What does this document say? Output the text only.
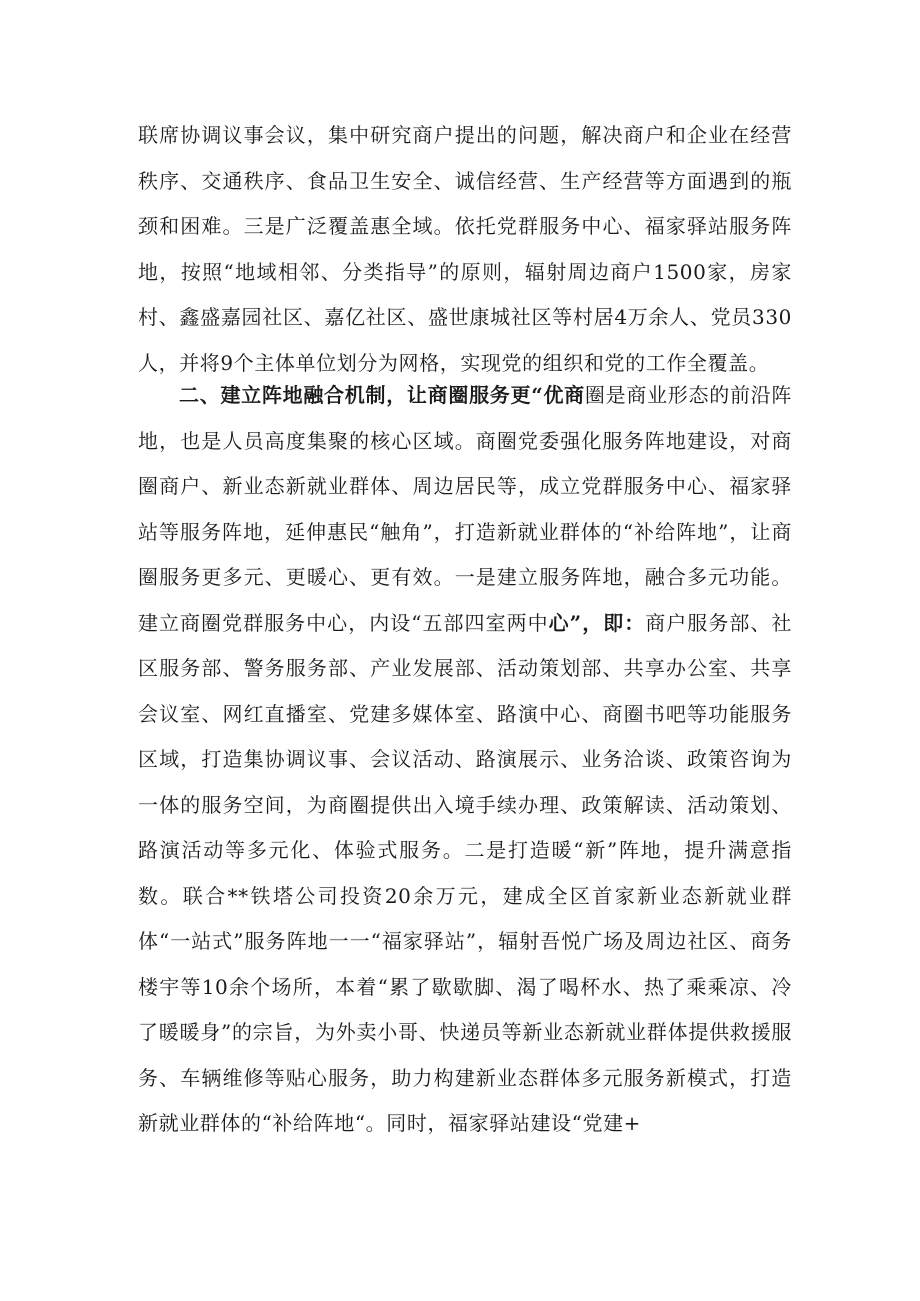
联席协调议事会议，集中研究商户提出的问题，解决商户和企业在经营秩序、交通秩序、食品卫生安全、诚信经营、生产经营等方面遇到的瓶颈和困难。三是广泛覆盖惠全域。依托党群服务中心、福家驿站服务阵地，按照“地域相邻、分类指导”的原则，辐射周边商户1500家，房家村、鑫盛嘉园社区、嘉亿社区、盛世康城社区等村居4万余人、党员330人，并将9个主体单位划分为网格，实现党的组织和党的工作全覆盖。

二、建立阵地融合机制，让商圈服务更“优商圈是商业形态的前沿阵地，也是人员高度集聚的核心区域。商圈党委强化服务阵地建设，对商圈商户、新业态新就业群体、周边居民等，成立党群服务中心、福家驿站等服务阵地，延伸惠民“触角”，打造新就业群体的“补给阵地”，让商圈服务更多元、更暖心、更有效。一是建立服务阵地，融合多元功能。建立商圈党群服务中心，内设“五部四室两中心”，即：商户服务部、社区服务部、警务服务部、产业发展部、活动策划部、共享办公室、共享会议室、网红直播室、党建多媒体室、路演中心、商圈书吧等功能服务区域，打造集协调议事、会议活动、路演展示、业务洽谈、政策咨询为一体的服务空间，为商圈提供出入境手续办理、政策解读、活动策划、路演活动等多元化、体验式服务。二是打造暖“新”阵地，提升满意指数。联合**铁塔公司投资20余万元，建成全区首家新业态新就业群体“一站式”服务阵地一一“福家驿站”，辐射吾悦广场及周边社区、商务楼宇等10余个场所，本着“累了歇歇脚、渴了喝杯水、热了乘乘凉、冷了暖暖身”的宗旨，为外卖小哥、快递员等新业态新就业群体提供救援服务、车辆维修等贴心服务，助力构建新业态群体多元服务新模式，打造新就业群体的“补给阵地“。同时，福家驿站建设“党建+
